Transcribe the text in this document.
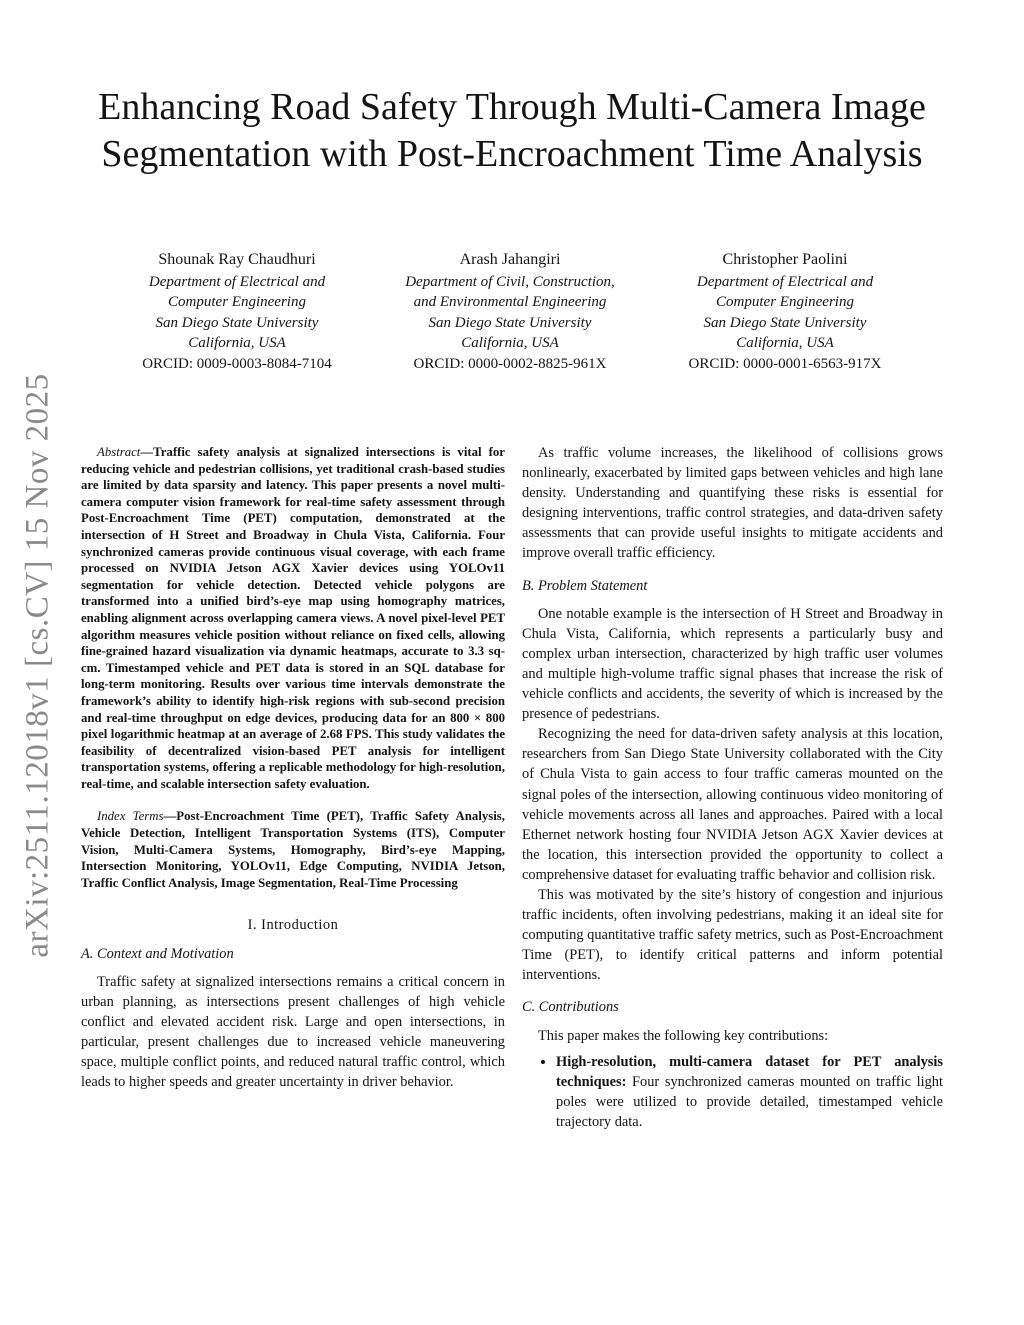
arXiv:2511.12018v1 [cs.CV] 15 Nov 2025
Enhancing Road Safety Through Multi-Camera Image Segmentation with Post-Encroachment Time Analysis
Shounak Ray Chaudhuri
Department of Electrical and
Computer Engineering
San Diego State University
California, USA
ORCID: 0009-0003-8084-7104
Arash Jahangiri
Department of Civil, Construction,
and Environmental Engineering
San Diego State University
California, USA
ORCID: 0000-0002-8825-961X
Christopher Paolini
Department of Electrical and
Computer Engineering
San Diego State University
California, USA
ORCID: 0000-0001-6563-917X

Abstract—Traffic safety analysis at signalized intersections is vital for reducing vehicle and pedestrian collisions, yet traditional crash-based studies are limited by data sparsity and latency. This paper presents a novel multi-camera computer vision framework for real-time safety assessment through Post-Encroachment Time (PET) computation, demonstrated at the intersection of H Street and Broadway in Chula Vista, California. Four synchronized cameras provide continuous visual coverage, with each frame processed on NVIDIA Jetson AGX Xavier devices using YOLOv11 segmentation for vehicle detection. Detected vehicle polygons are transformed into a unified bird’s-eye map using homography matrices, enabling alignment across overlapping camera views. A novel pixel-level PET algorithm measures vehicle position without reliance on fixed cells, allowing fine-grained hazard visualization via dynamic heatmaps, accurate to 3.3 sq-cm. Timestamped vehicle and PET data is stored in an SQL database for long-term monitoring. Results over various time intervals demonstrate the framework’s ability to identify high-risk regions with sub-second precision and real-time throughput on edge devices, producing data for an 800 × 800 pixel logarithmic heatmap at an average of 2.68 FPS. This study validates the feasibility of decentralized vision-based PET analysis for intelligent transportation systems, offering a replicable methodology for high-resolution, real-time, and scalable intersection safety evaluation.

Index Terms—Post-Encroachment Time (PET), Traffic Safety Analysis, Vehicle Detection, Intelligent Transportation Systems (ITS), Computer Vision, Multi-Camera Systems, Homography, Bird’s-eye Mapping, Intersection Monitoring, YOLOv11, Edge Computing, NVIDIA Jetson, Traffic Conflict Analysis, Image Segmentation, Real-Time Processing

I. Introduction
A. Context and Motivation

Traffic safety at signalized intersections remains a critical concern in urban planning, as intersections present challenges of high vehicle conflict and elevated accident risk. Large and open intersections, in particular, present challenges due to increased vehicle maneuvering space, multiple conflict points, and reduced natural traffic control, which leads to higher speeds and greater uncertainty in driver behavior.

As traffic volume increases, the likelihood of collisions grows nonlinearly, exacerbated by limited gaps between vehicles and high lane density. Understanding and quantifying these risks is essential for designing interventions, traffic control strategies, and data-driven safety assessments that can provide useful insights to mitigate accidents and improve overall traffic efficiency.

B. Problem Statement

One notable example is the intersection of H Street and Broadway in Chula Vista, California, which represents a particularly busy and complex urban intersection, characterized by high traffic user volumes and multiple high-volume traffic signal phases that increase the risk of vehicle conflicts and accidents, the severity of which is increased by the presence of pedestrians.

Recognizing the need for data-driven safety analysis at this location, researchers from San Diego State University collaborated with the City of Chula Vista to gain access to four traffic cameras mounted on the signal poles of the intersection, allowing continuous video monitoring of vehicle movements across all lanes and approaches. Paired with a local Ethernet network hosting four NVIDIA Jetson AGX Xavier devices at the location, this intersection provided the opportunity to collect a comprehensive dataset for evaluating traffic behavior and collision risk.

This was motivated by the site’s history of congestion and injurious traffic incidents, often involving pedestrians, making it an ideal site for computing quantitative traffic safety metrics, such as Post-Encroachment Time (PET), to identify critical patterns and inform potential interventions.

C. Contributions

This paper makes the following key contributions:

• High-resolution, multi-camera dataset for PET analysis techniques: Four synchronized cameras mounted on traffic light poles were utilized to provide detailed, timestamped vehicle trajectory data.
